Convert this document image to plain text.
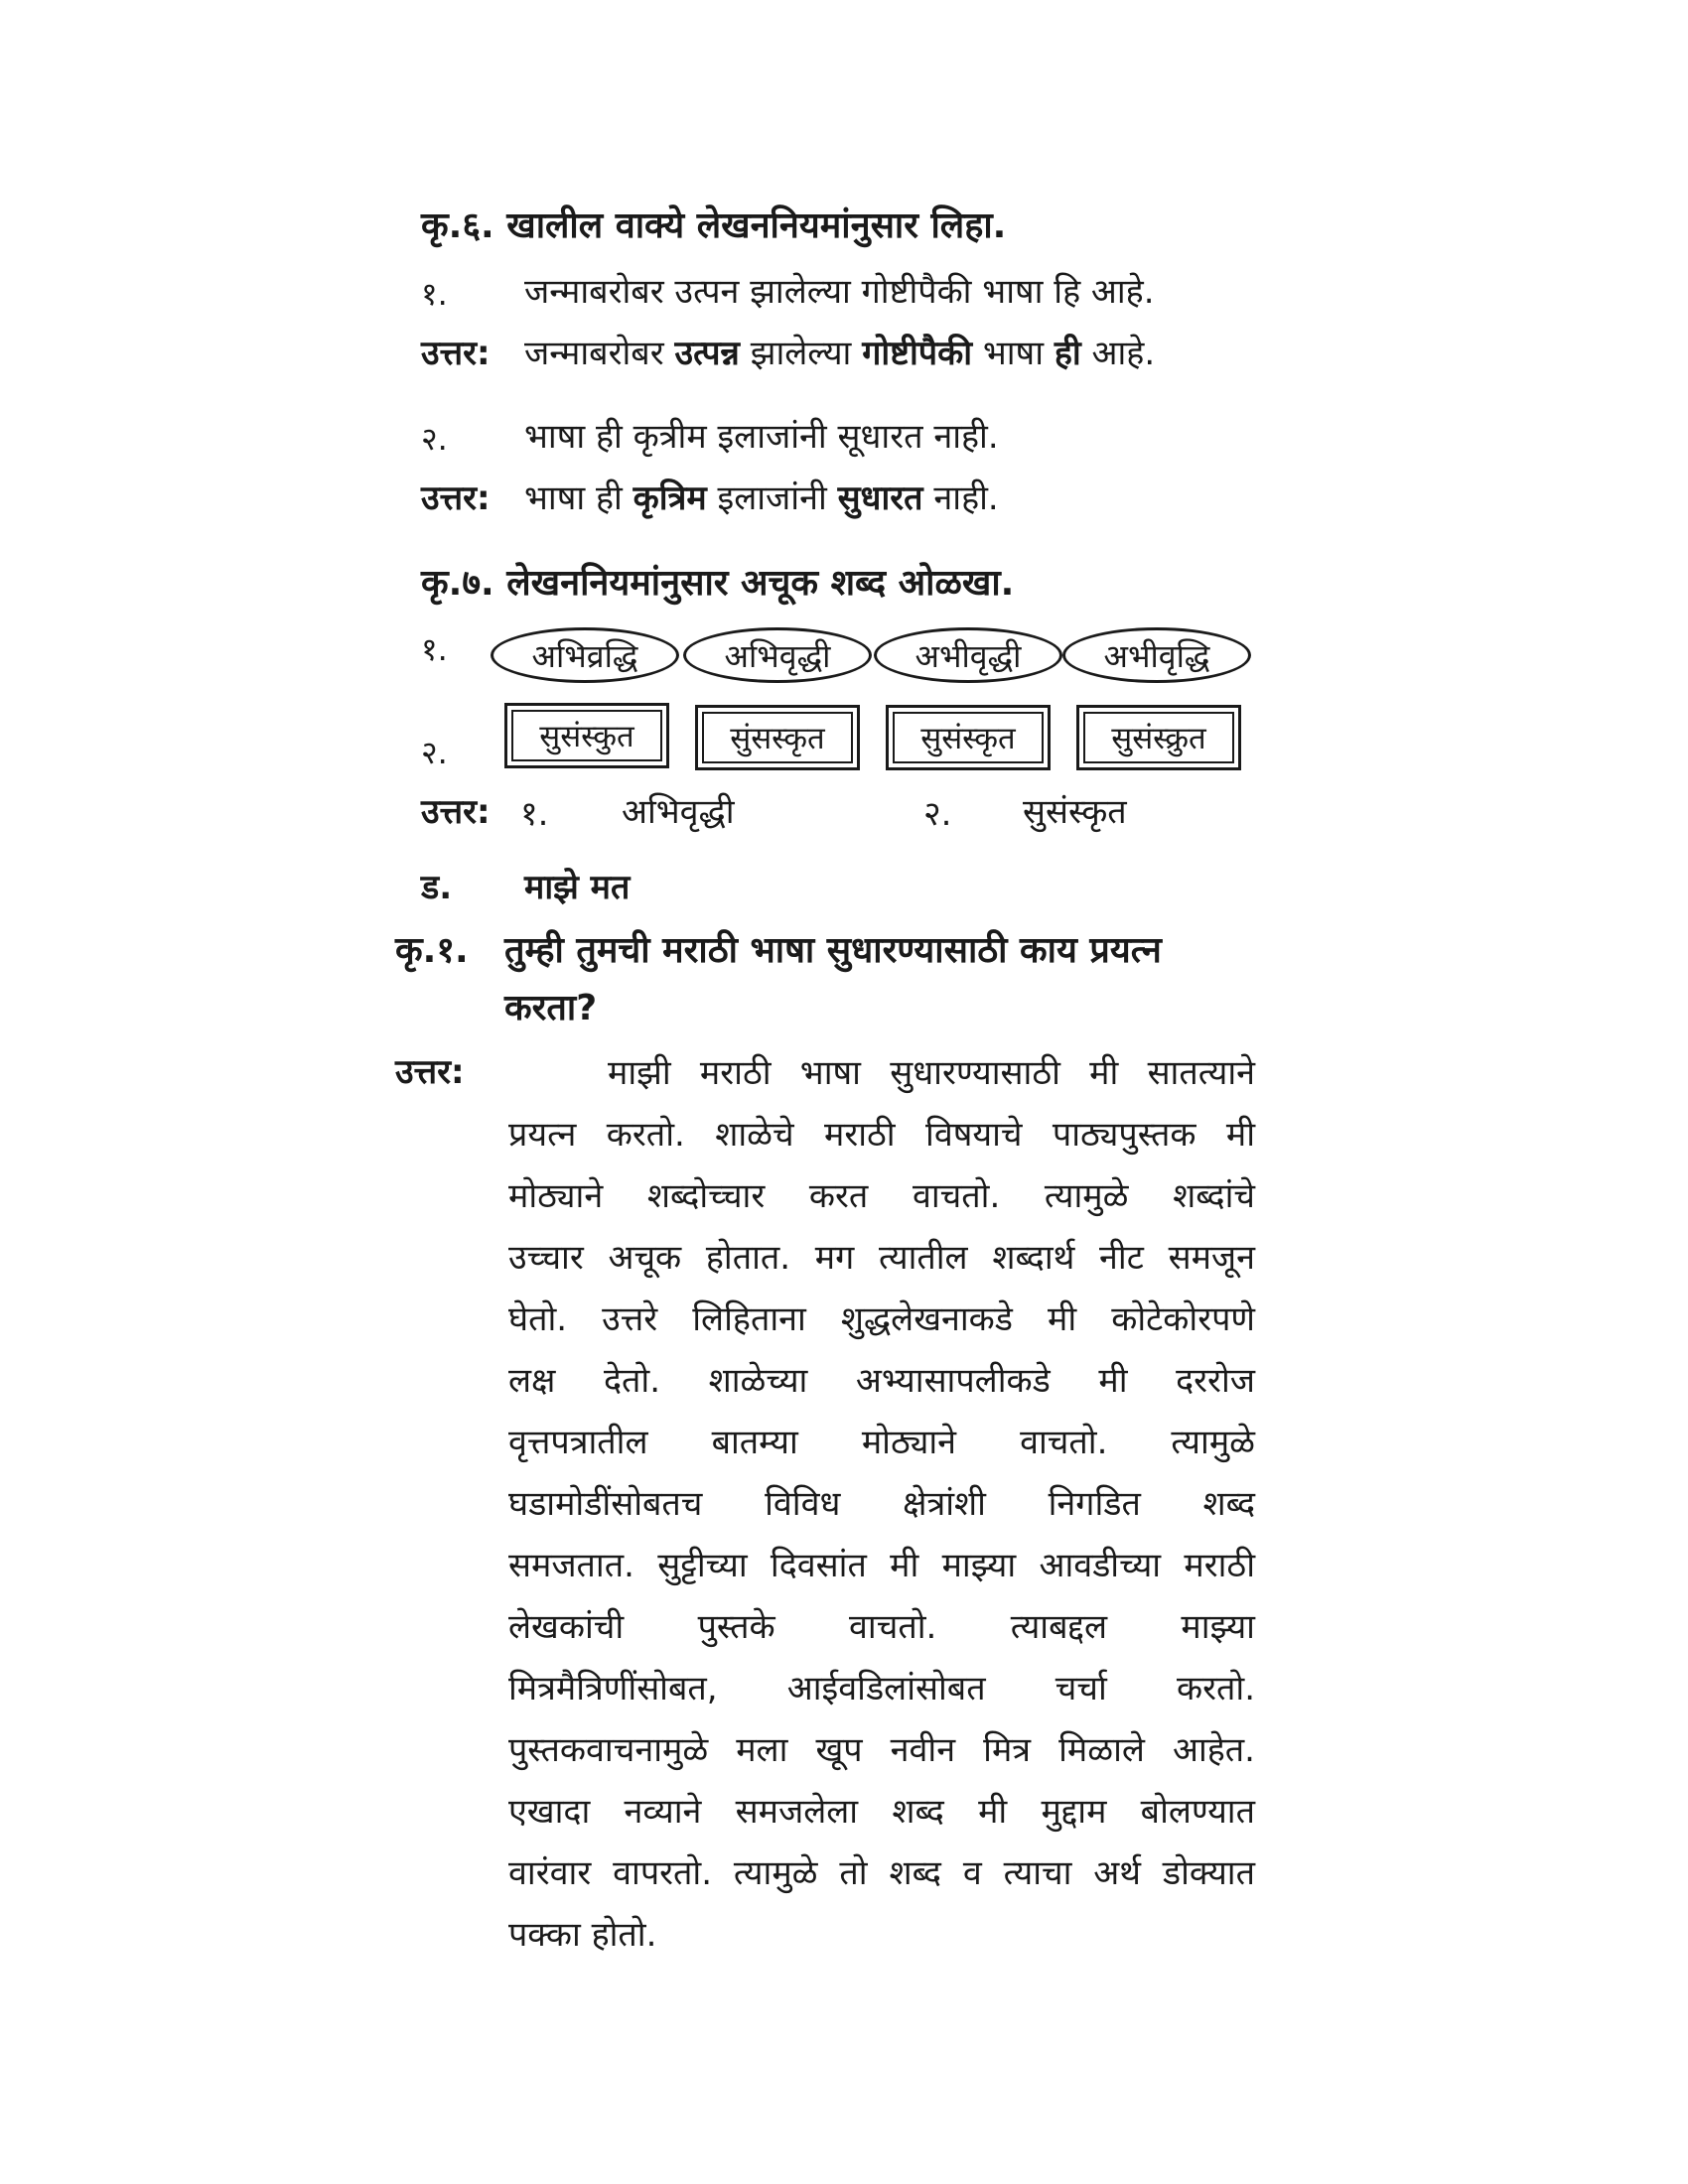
कृ.६. खालील वाक्ये लेखननियमांनुसार लिहा.
१. जन्माबरोबर उत्पन झालेल्या गोष्टीपैकी भाषा हि आहे.
उत्तर: जन्माबरोबर उत्पन्न झालेल्या गोष्टीपैकी भाषा ही आहे.
२. भाषा ही कृत्रीम इलाजांनी सूधारत नाही.
उत्तर: भाषा ही कृत्रिम इलाजांनी सुधारत नाही.
कृ.७. लेखननियमांनुसार अचूक शब्द ओळखा.
१.	अभिव्रद्धि	अभिवृद्धी	अभीवृद्धी	अभीवृद्धि
२.	सुसंस्कुत	सुंसस्कृत	सुसंस्कृत	सुसंस्क्रुत
उत्तर: १. अभिवृद्धी	२. सुसंस्कृत
ड. माझे मत
कृ.१. तुम्ही तुमची मराठी भाषा सुधारण्यासाठी काय प्रयत्न
करता?
उत्तर:	माझी मराठी भाषा सुधारण्यासाठी मी सातत्याने
प्रयत्न करतो. शाळेचे मराठी विषयाचे पाठ्यपुस्तक मी
मोठ्याने शब्दोच्चार करत वाचतो. त्यामुळे शब्दांचे
उच्चार अचूक होतात. मग त्यातील शब्दार्थ नीट समजून
घेतो. उत्तरे लिहिताना शुद्धलेखनाकडे मी कोटेकोरपणे
लक्ष देतो. शाळेच्या अभ्यासापलीकडे मी दररोज
वृत्तपत्रातील बातम्या मोठ्याने वाचतो. त्यामुळे
घडामोडींसोबतच विविध क्षेत्रांशी निगडित शब्द
समजतात. सुट्टीच्या दिवसांत मी माझ्या आवडीच्या मराठी
लेखकांची पुस्तके वाचतो. त्याबद्दल माझ्या
मित्रमैत्रिणींसोबत, आईवडिलांसोबत चर्चा करतो.
पुस्तकवाचनामुळे मला खूप नवीन मित्र मिळाले आहेत.
एखादा नव्याने समजलेला शब्द मी मुद्दाम बोलण्यात
वारंवार वापरतो. त्यामुळे तो शब्द व त्याचा अर्थ डोक्यात
पक्का होतो.
